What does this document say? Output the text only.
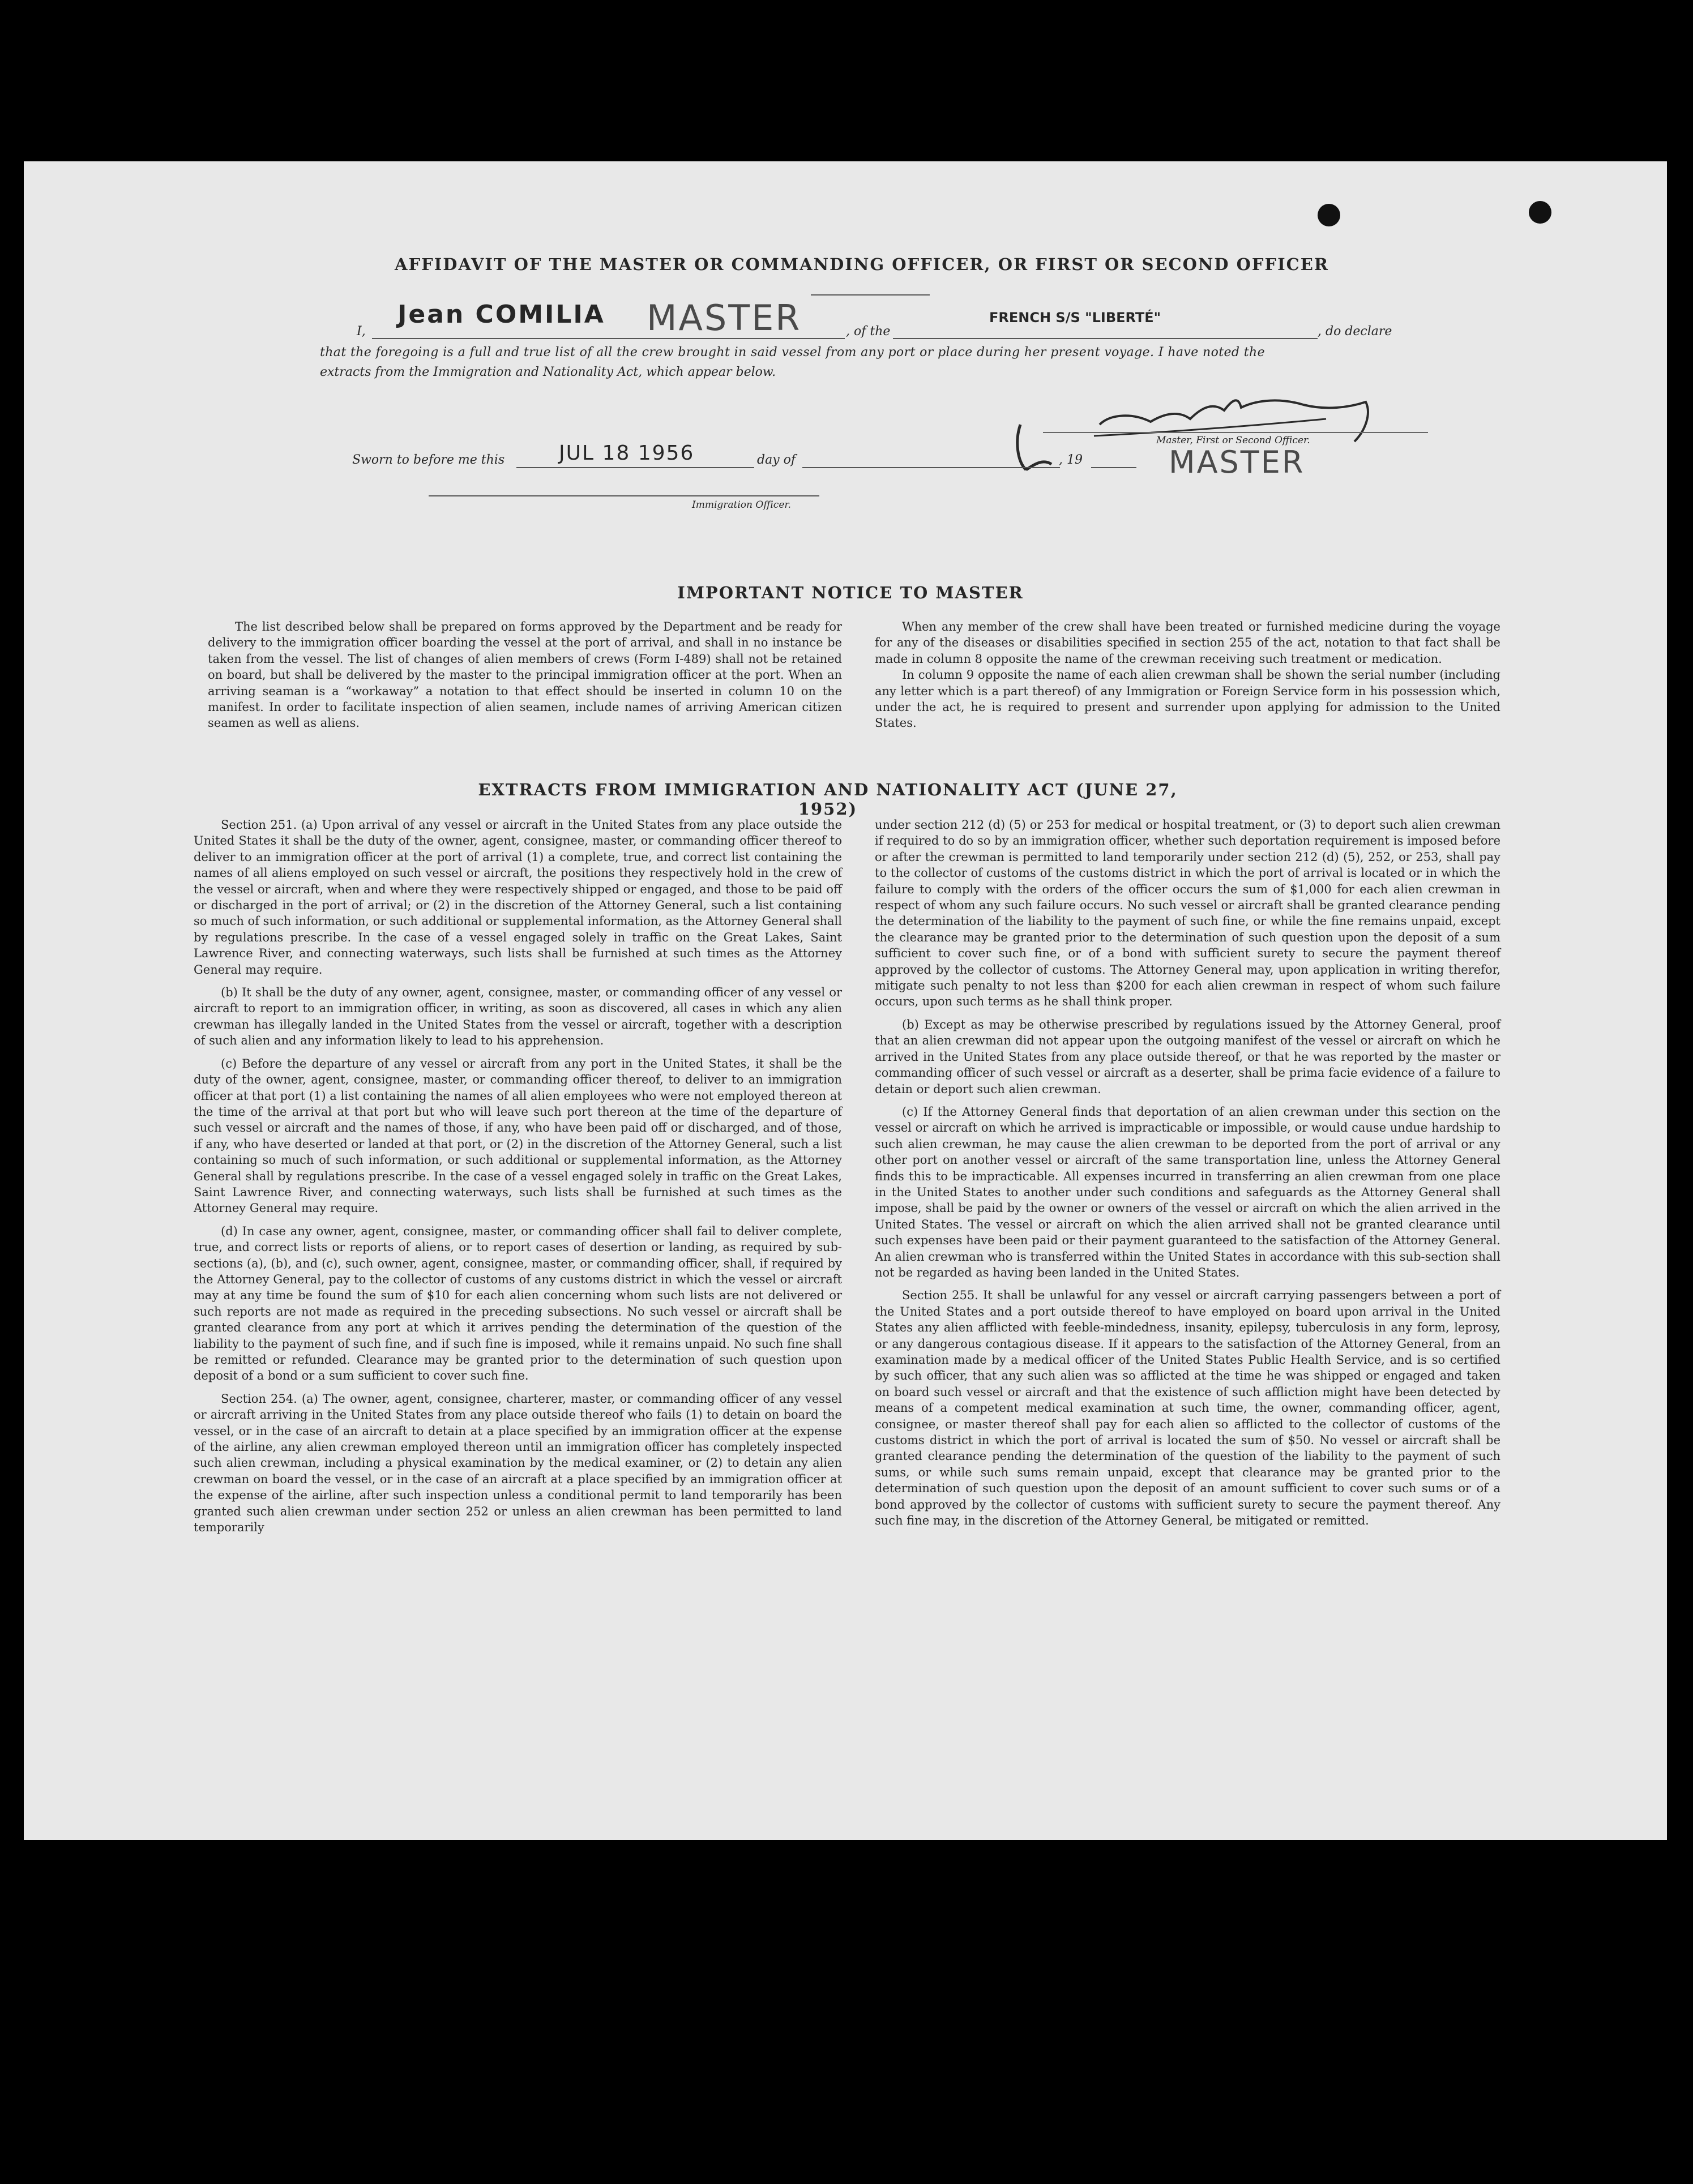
AFFIDAVIT OF THE MASTER OR COMMANDING OFFICER, OR FIRST OR SECOND OFFICER
I,
Jean COMILIA MASTER	, of the
FRENCH S/S "LIBERTÉ"
, do declare
that the foregoing is a full and true list of all the crew brought in said vessel from any port or place during her present voyage. I have noted the
extracts from the Immigration and Nationality Act, which appear below.
Master, First or Second Officer.
MASTER
Sworn to before me this	JUL 18 1956	day of	, 19
Immigration Officer.
IMPORTANT NOTICE TO MASTER

The list described below shall be prepared on forms approved by the Department and be ready for delivery to the immigration officer boarding the vessel at the port of arrival, and shall in no instance be taken from the vessel. The list of changes of alien members of crews (Form I-489) shall not be retained on board, but shall be delivered by the master to the principal immigration officer at the port. When an arriving seaman is a “workaway” a notation to that effect should be inserted in column 10 on the manifest. In order to facilitate inspection of alien seamen, include names of arriving American citizen seamen as well as aliens.

When any member of the crew shall have been treated or furnished medicine during the voyage for any of the diseases or disabilities specified in section 255 of the act, notation to that fact shall be made in column 8 opposite the name of the crewman receiving such treatment or medication.

In column 9 opposite the name of each alien crewman shall be shown the serial number (including any letter which is a part thereof) of any Immigration or Foreign Service form in his possession which, under the act, he is required to present and surrender upon applying for admission to the United States.

EXTRACTS FROM IMMIGRATION AND NATIONALITY ACT (JUNE 27, 1952)

Section 251. (a) Upon arrival of any vessel or aircraft in the United States from any place outside the United States it shall be the duty of the owner, agent, consignee, master, or commanding officer thereof to deliver to an immigration officer at the port of arrival (1) a complete, true, and correct list containing the names of all aliens employed on such vessel or aircraft, the positions they respectively hold in the crew of the vessel or aircraft, when and where they were respectively shipped or engaged, and those to be paid off or discharged in the port of arrival; or (2) in the discretion of the Attorney General, such a list containing so much of such information, or such additional or supplemental information, as the Attorney General shall by regulations prescribe. In the case of a vessel engaged solely in traffic on the Great Lakes, Saint Lawrence River, and connecting waterways, such lists shall be furnished at such times as the Attorney General may require.

(b) It shall be the duty of any owner, agent, consignee, master, or commanding officer of any vessel or aircraft to report to an immigration officer, in writing, as soon as discovered, all cases in which any alien crewman has illegally landed in the United States from the vessel or aircraft, together with a description of such alien and any information likely to lead to his apprehension.

(c) Before the departure of any vessel or aircraft from any port in the United States, it shall be the duty of the owner, agent, consignee, master, or commanding officer thereof, to deliver to an immigration officer at that port (1) a list containing the names of all alien employees who were not employed thereon at the time of the arrival at that port but who will leave such port thereon at the time of the departure of such vessel or aircraft and the names of those, if any, who have been paid off or discharged, and of those, if any, who have deserted or landed at that port, or (2) in the discretion of the Attorney General, such a list containing so much of such information, or such additional or supplemental information, as the Attorney General shall by regulations prescribe. In the case of a vessel engaged solely in traffic on the Great Lakes, Saint Lawrence River, and connecting waterways, such lists shall be furnished at such times as the Attorney General may require.

(d) In case any owner, agent, consignee, master, or commanding officer shall fail to deliver complete, true, and correct lists or reports of aliens, or to report cases of desertion or landing, as required by sub-sections (a), (b), and (c), such owner, agent, consignee, master, or commanding officer, shall, if required by the Attorney General, pay to the collector of customs of any customs district in which the vessel or aircraft may at any time be found the sum of $10 for each alien concerning whom such lists are not delivered or such reports are not made as required in the preceding subsections. No such vessel or aircraft shall be granted clearance from any port at which it arrives pending the determination of the question of the liability to the payment of such fine, and if such fine is imposed, while it remains unpaid. No such fine shall be remitted or refunded. Clearance may be granted prior to the determination of such question upon deposit of a bond or a sum sufficient to cover such fine.

Section 254. (a) The owner, agent, consignee, charterer, master, or commanding officer of any vessel or aircraft arriving in the United States from any place outside thereof who fails (1) to detain on board the vessel, or in the case of an aircraft to detain at a place specified by an immigration officer at the expense of the airline, any alien crewman employed thereon until an immigration officer has completely inspected such alien crewman, including a physical examination by the medical examiner, or (2) to detain any alien crewman on board the vessel, or in the case of an aircraft at a place specified by an immigration officer at the expense of the airline, after such inspection unless a conditional permit to land temporarily has been granted such alien crewman under section 252 or unless an alien crewman has been permitted to land temporarily

under section 212 (d) (5) or 253 for medical or hospital treatment, or (3) to deport such alien crewman if required to do so by an immigration officer, whether such deportation requirement is imposed before or after the crewman is permitted to land temporarily under section 212 (d) (5), 252, or 253, shall pay to the collector of customs of the customs district in which the port of arrival is located or in which the failure to comply with the orders of the officer occurs the sum of $1,000 for each alien crewman in respect of whom any such failure occurs. No such vessel or aircraft shall be granted clearance pending the determination of the liability to the payment of such fine, or while the fine remains unpaid, except the clearance may be granted prior to the determination of such question upon the deposit of a sum sufficient to cover such fine, or of a bond with sufficient surety to secure the payment thereof approved by the collector of customs. The Attorney General may, upon application in writing therefor, mitigate such penalty to not less than $200 for each alien crewman in respect of whom such failure occurs, upon such terms as he shall think proper.

(b) Except as may be otherwise prescribed by regulations issued by the Attorney General, proof that an alien crewman did not appear upon the outgoing manifest of the vessel or aircraft on which he arrived in the United States from any place outside thereof, or that he was reported by the master or commanding officer of such vessel or aircraft as a deserter, shall be prima facie evidence of a failure to detain or deport such alien crewman.

(c) If the Attorney General finds that deportation of an alien crewman under this section on the vessel or aircraft on which he arrived is impracticable or impossible, or would cause undue hardship to such alien crewman, he may cause the alien crewman to be deported from the port of arrival or any other port on another vessel or aircraft of the same transportation line, unless the Attorney General finds this to be impracticable. All expenses incurred in transferring an alien crewman from one place in the United States to another under such conditions and safeguards as the Attorney General shall impose, shall be paid by the owner or owners of the vessel or aircraft on which the alien arrived in the United States. The vessel or aircraft on which the alien arrived shall not be granted clearance until such expenses have been paid or their payment guaranteed to the satisfaction of the Attorney General. An alien crewman who is transferred within the United States in accordance with this sub-section shall not be regarded as having been landed in the United States.

Section 255. It shall be unlawful for any vessel or aircraft carrying passengers between a port of the United States and a port outside thereof to have employed on board upon arrival in the United States any alien afflicted with feeble-mindedness, insanity, epilepsy, tuberculosis in any form, leprosy, or any dangerous contagious disease. If it appears to the satisfaction of the Attorney General, from an examination made by a medical officer of the United States Public Health Service, and is so certified by such officer, that any such alien was so afflicted at the time he was shipped or engaged and taken on board such vessel or aircraft and that the existence of such affliction might have been detected by means of a competent medical examination at such time, the owner, commanding officer, agent, consignee, or master thereof shall pay for each alien so afflicted to the collector of customs of the customs district in which the port of arrival is located the sum of $50. No vessel or aircraft shall be granted clearance pending the determination of the question of the liability to the payment of such sums, or while such sums remain unpaid, except that clearance may be granted prior to the determination of such question upon the deposit of an amount sufficient to cover such sums or of a bond approved by the collector of customs with sufficient surety to secure the payment thereof. Any such fine may, in the discretion of the Attorney General, be mitigated or remitted.
